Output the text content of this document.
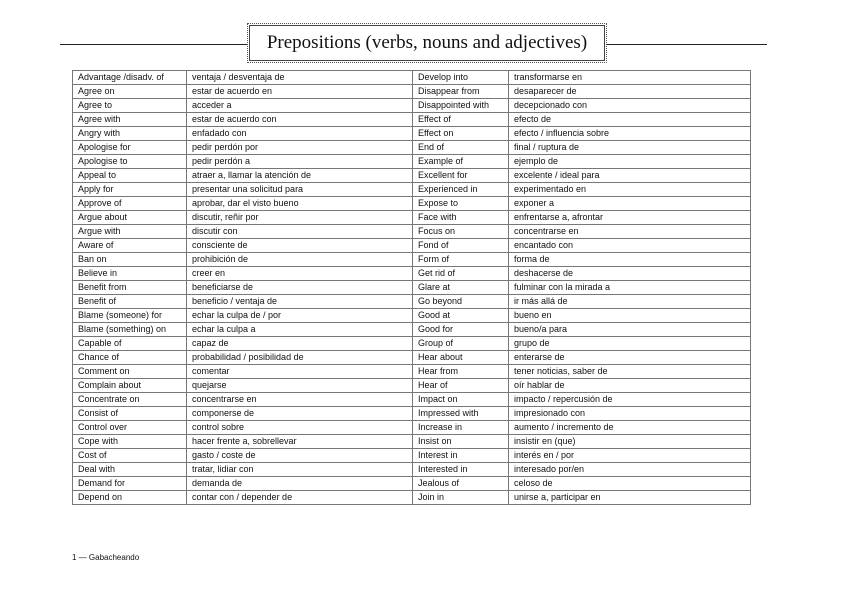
Prepositions (verbs, nouns and adjectives)
Advantage /disadv. of	ventaja / desventaja de	Develop into	transformarse en
Agree on	estar de acuerdo en	Disappear from	desaparecer de
Agree to	acceder a	Disappointed with	decepcionado con
Agree with	estar de acuerdo con	Effect of	efecto de
Angry with	enfadado con	Effect on	efecto / influencia sobre
Apologise for	pedir perdón por	End of	final / ruptura de
Apologise to	pedir perdón a	Example of	ejemplo de
Appeal to	atraer a, llamar la atención de	Excellent for	excelente / ideal para
Apply for	presentar una solicitud para	Experienced in	experimentado en
Approve of	aprobar, dar el visto bueno	Expose to	exponer a
Argue about	discutir, reñir por	Face with	enfrentarse a, afrontar
Argue with	discutir con	Focus on	concentrarse en
Aware of	consciente de	Fond of	encantado con
Ban on	prohibición de	Form of	forma de
Believe in	creer en	Get rid of	deshacerse de
Benefit from	beneficiarse de	Glare at	fulminar con la mirada a
Benefit of	beneficio / ventaja de	Go beyond	ir más allá de
Blame (someone) for	echar la culpa de / por	Good at	bueno en
Blame (something) on	echar la culpa a	Good for	bueno/a para
Capable of	capaz de	Group of	grupo de
Chance of	probabilidad / posibilidad de	Hear about	enterarse de
Comment on	comentar	Hear from	tener noticias, saber de
Complain about	quejarse	Hear of	oír hablar de
Concentrate on	concentrarse en	Impact on	impacto / repercusión de
Consist of	componerse de	Impressed with	impresionado con
Control over	control sobre	Increase in	aumento / incremento de
Cope with	hacer frente a, sobrellevar	Insist on	insistir en (que)
Cost of	gasto / coste de	Interest in	interés en / por
Deal with	tratar, lidiar con	Interested in	interesado por/en
Demand for	demanda de	Jealous of	celoso de
Depend on	contar con / depender de	Join in	unirse a, participar en
1 — Gabacheando
